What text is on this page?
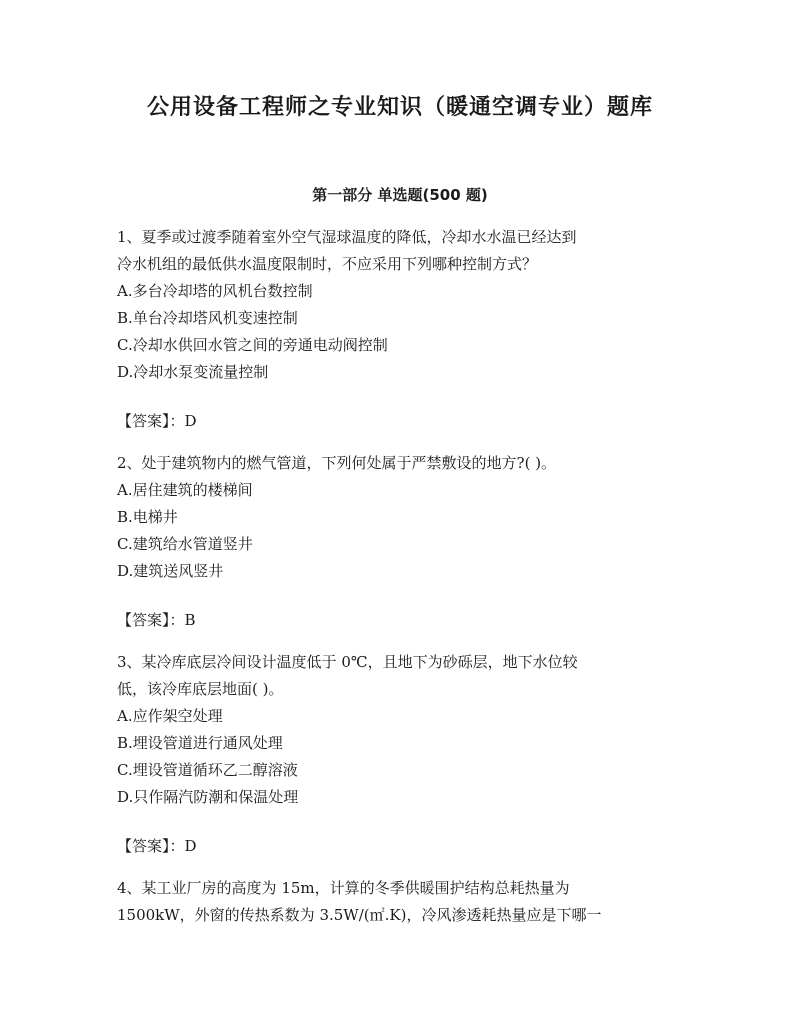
公用设备工程师之专业知识（暖通空调专业）题库
第一部分 单选题(500 题)

1、夏季或过渡季随着室外空气湿球温度的降低，冷却水水温已经达到

冷水机组的最低供水温度限制时，不应采用下列哪种控制方式？

A.多台冷却塔的风机台数控制

B.单台冷却塔风机变速控制

C.冷却水供回水管之间的旁通电动阀控制

D.冷却水泵变流量控制

【答案】：D

2、处于建筑物内的燃气管道，下列何处属于严禁敷设的地方?( )。

A.居住建筑的楼梯间

B.电梯井

C.建筑给水管道竖井

D.建筑送风竖井

【答案】：B

3、某冷库底层冷间设计温度低于 0℃，且地下为砂砾层，地下水位较

低，该冷库底层地面( )。

A.应作架空处理

B.埋设管道进行通风处理

C.埋设管道循环乙二醇溶液

D.只作隔汽防潮和保温处理

【答案】：D

4、某工业厂房的高度为 15m，计算的冬季供暖围护结构总耗热量为

1500kW，外窗的传热系数为 3.5W/(㎡.K)，冷风渗透耗热量应是下哪一
